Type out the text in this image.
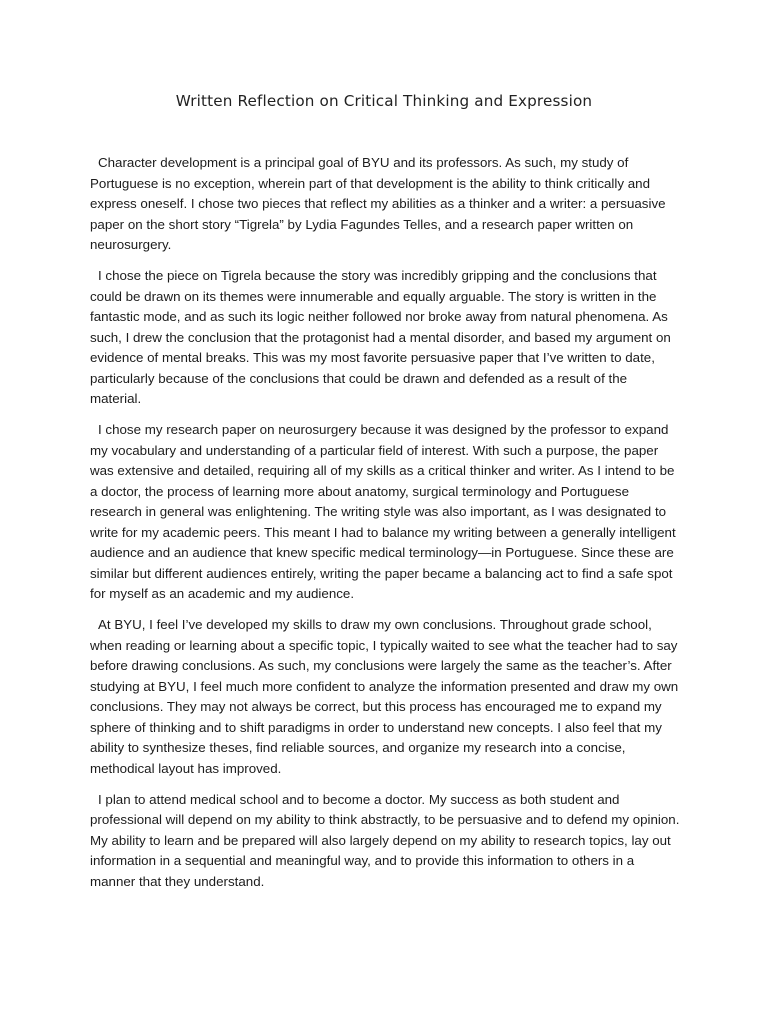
Written Reflection on Critical Thinking and Expression

Character development is a principal goal of BYU and its professors. As such, my study of Portuguese is no exception, wherein part of that development is the ability to think critically and express oneself. I chose two pieces that reflect my abilities as a thinker and a writer: a persuasive paper on the short story “Tigrela” by Lydia Fagundes Telles, and a research paper written on neurosurgery.

I chose the piece on Tigrela because the story was incredibly gripping and the conclusions that could be drawn on its themes were innumerable and equally arguable. The story is written in the fantastic mode, and as such its logic neither followed nor broke away from natural phenomena. As such, I drew the conclusion that the protagonist had a mental disorder, and based my argument on evidence of mental breaks. This was my most favorite persuasive paper that I’ve written to date, particularly because of the conclusions that could be drawn and defended as a result of the material.

I chose my research paper on neurosurgery because it was designed by the professor to expand my vocabulary and understanding of a particular field of interest. With such a purpose, the paper was extensive and detailed, requiring all of my skills as a critical thinker and writer. As I intend to be a doctor, the process of learning more about anatomy, surgical terminology and Portuguese research in general was enlightening. The writing style was also important, as I was designated to write for my academic peers. This meant I had to balance my writing between a generally intelligent audience and an audience that knew specific medical terminology—in Portuguese. Since these are similar but different audiences entirely, writing the paper became a balancing act to find a safe spot for myself as an academic and my audience.

At BYU, I feel I’ve developed my skills to draw my own conclusions. Throughout grade school, when reading or learning about a specific topic, I typically waited to see what the teacher had to say before drawing conclusions. As such, my conclusions were largely the same as the teacher’s. After studying at BYU, I feel much more confident to analyze the information presented and draw my own conclusions. They may not always be correct, but this process has encouraged me to expand my sphere of thinking and to shift paradigms in order to understand new concepts. I also feel that my ability to synthesize theses, find reliable sources, and organize my research into a concise, methodical layout has improved.

I plan to attend medical school and to become a doctor. My success as both student and professional will depend on my ability to think abstractly, to be persuasive and to defend my opinion. My ability to learn and be prepared will also largely depend on my ability to research topics, lay out information in a sequential and meaningful way, and to provide this information to others in a manner that they understand.
